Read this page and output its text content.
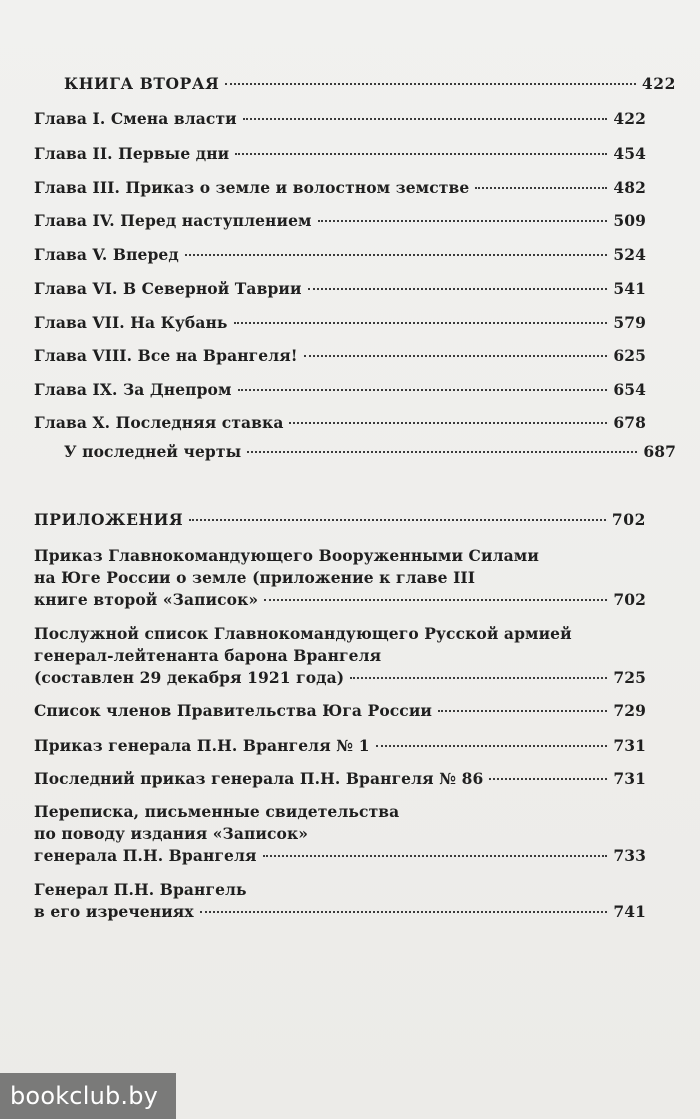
КНИГА ВТОРАЯ	422
Глава I. Смена власти	422
Глава II. Первые дни	454
Глава III. Приказ о земле и волостном земстве	482
Глава IV. Перед наступлением	509
Глава V. Вперед	524
Глава VI. В Северной Таврии	541
Глава VII. На Кубань	579
Глава VIII. Все на Врангеля!	625
Глава IX. За Днепром	654
Глава X. Последняя ставка	678
У последней черты	687
ПРИЛОЖЕНИЯ	702
Приказ Главнокомандующего Вооруженными Силами
на Юге России о земле (приложение к главе III
книге второй «Записок»	702
Послужной список Главнокомандующего Русской армией
генерал-лейтенанта барона Врангеля
(составлен 29 декабря 1921 года)	725
Список членов Правительства Юга России	729
Приказ генерала П.Н. Врангеля № 1	731
Последний приказ генерала П.Н. Врангеля № 86	731
Переписка, письменные свидетельства
по поводу издания «Записок»
генерала П.Н. Врангеля	733
Генерал П.Н. Врангель
в его изречениях	741
bookclub.by
